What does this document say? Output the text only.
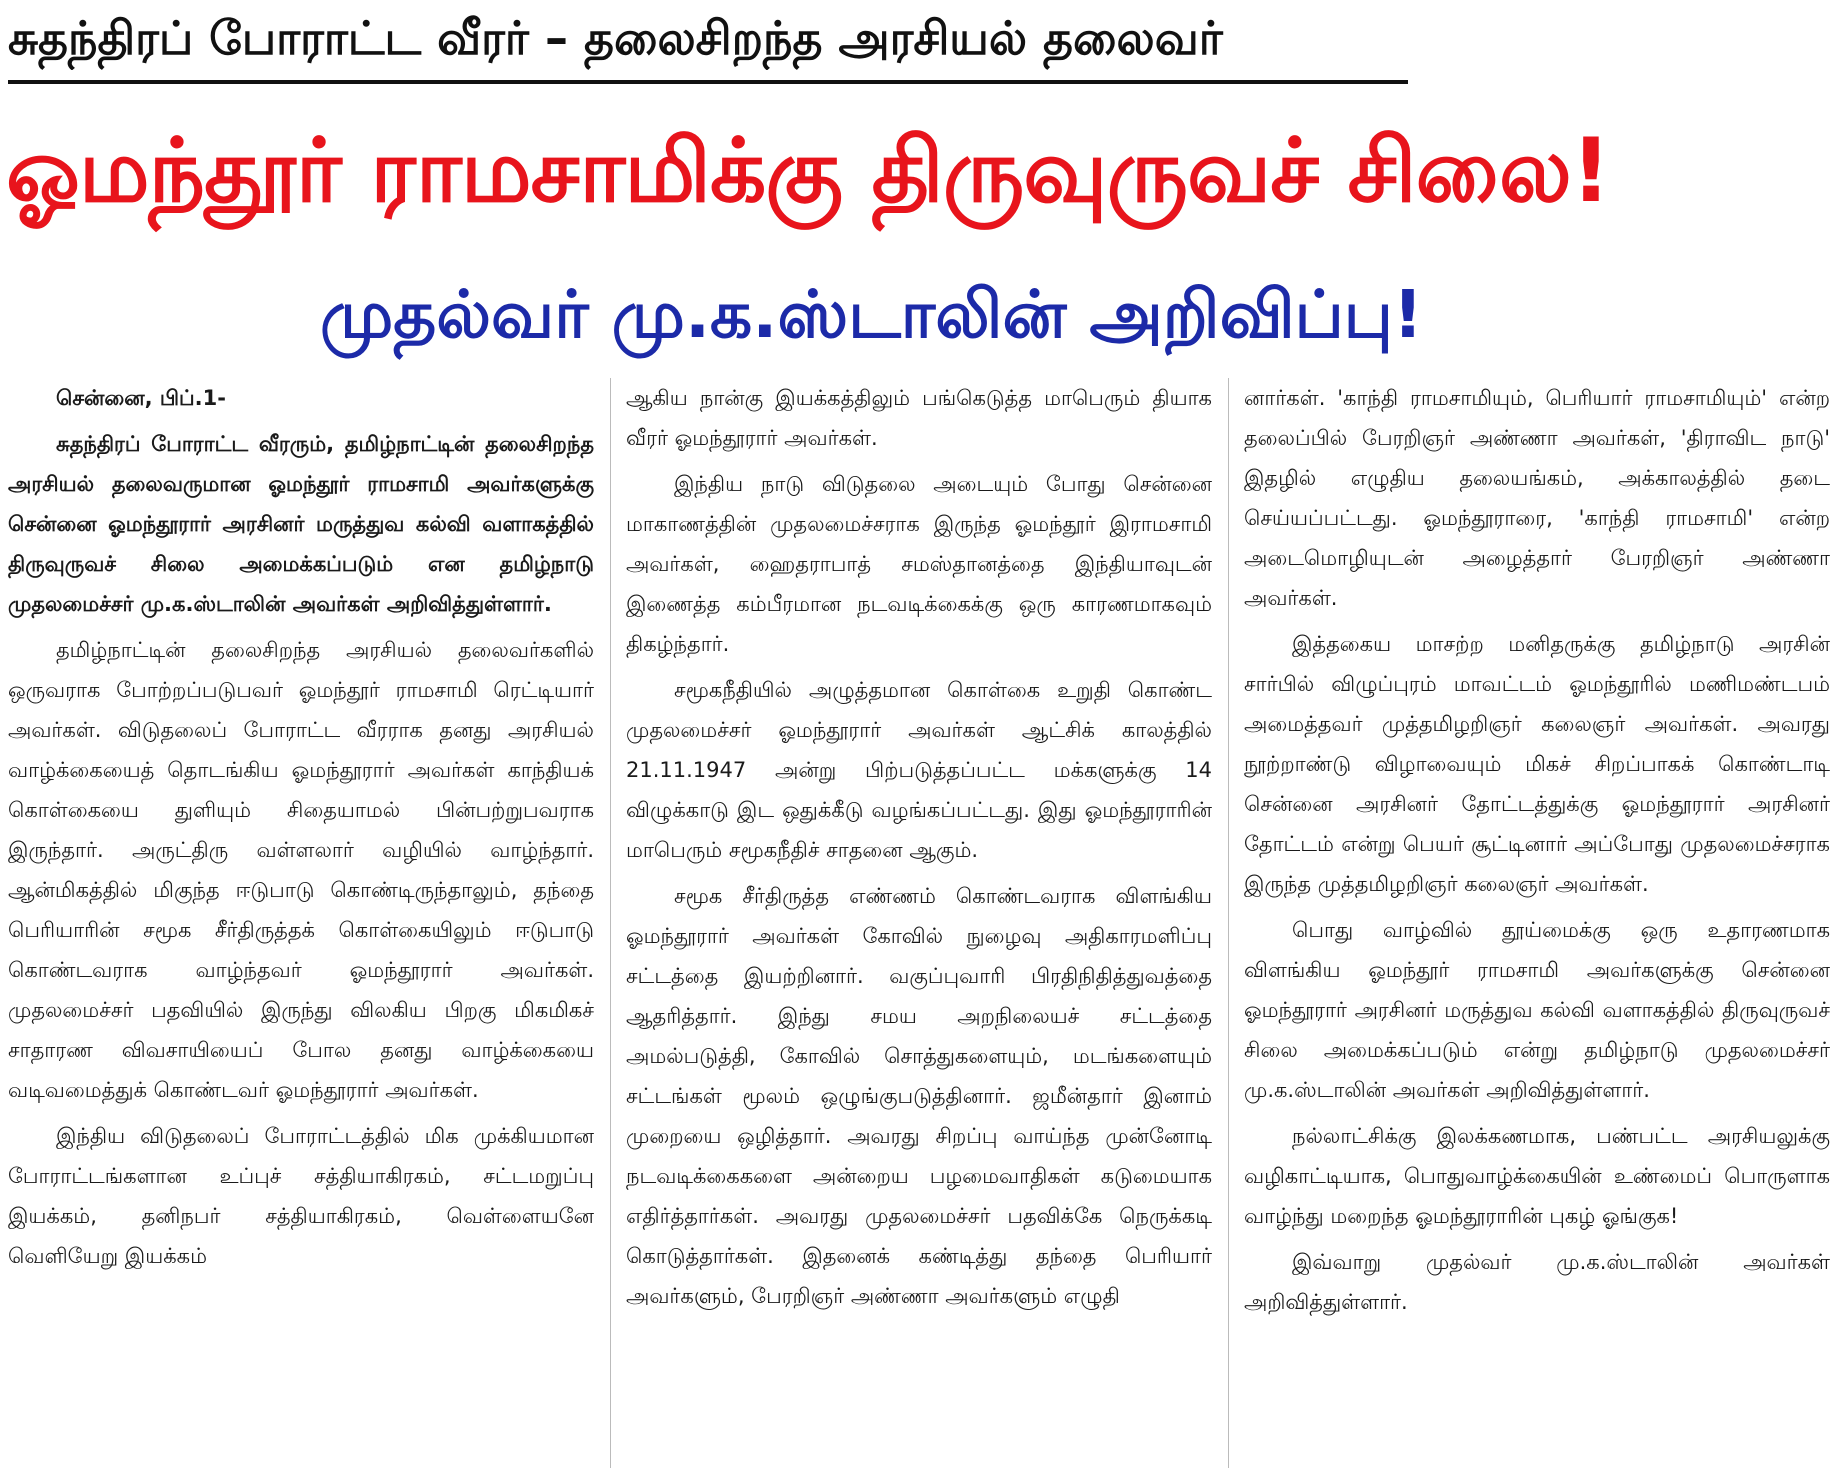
சுதந்திரப் போராட்ட வீரர் – தலைசிறந்த அரசியல் தலைவர்
ஓமந்தூர் ராமசாமிக்கு திருவுருவச் சிலை!
முதல்வர் மு.க.ஸ்டாலின் அறிவிப்பு!

சென்னை, பிப்.1-

சுதந்திரப் போராட்ட வீரரும், தமிழ்நாட்டின் தலைசிறந்த அரசியல் தலைவருமான ஓமந்தூர் ராமசாமி அவர்களுக்கு சென்னை ஓமந்தூரார் அரசினர் மருத்துவ கல்வி வளாகத்தில் திருவுருவச் சிலை அமைக்கப்படும் என தமிழ்நாடு முதலமைச்சர் மு.க.ஸ்டாலின் அவர்கள் அறிவித்துள்ளார்.

தமிழ்நாட்டின் தலைசிறந்த அரசியல் தலைவர்களில் ஒருவராக போற்றப்படுபவர் ஓமந்தூர் ராமசாமி ரெட்டியார் அவர்கள். விடுதலைப் போராட்ட வீரராக தனது அரசியல் வாழ்க்கையைத் தொடங்கிய ஓமந்தூரார் அவர்கள் காந்தியக் கொள்கையை துளியும் சிதையாமல் பின்பற்றுபவராக இருந்தார். அருட்திரு வள்ளலார் வழியில் வாழ்ந்தார். ஆன்மிகத்தில் மிகுந்த ஈடுபாடு கொண்டிருந்தாலும், தந்தை பெரியாரின் சமூக சீர்திருத்தக் கொள்கையிலும் ஈடுபாடு கொண்டவராக வாழ்ந்தவர் ஓமந்தூரார் அவர்கள். முதலமைச்சர் பதவியில் இருந்து விலகிய பிறகு மிகமிகச் சாதாரண விவசாயியைப் போல தனது வாழ்க்கையை வடிவமைத்துக் கொண்டவர் ஓமந்தூரார் அவர்கள்.

இந்திய விடுதலைப் போராட்டத்தில் மிக முக்கியமான போராட்டங்களான உப்புச் சத்தியாகிரகம், சட்டமறுப்பு இயக்கம், தனிநபர் சத்தியாகிரகம், வெள்ளையனே வெளியேறு இயக்கம்

ஆகிய நான்கு இயக்கத்திலும் பங்கெடுத்த மாபெரும் தியாக வீரர் ஓமந்தூரார் அவர்கள்.

இந்திய நாடு விடுதலை அடையும் போது சென்னை மாகாணத்தின் முதலமைச்சராக இருந்த ஓமந்தூர் இராமசாமி அவர்கள், ஹைதராபாத் சமஸ்தானத்தை இந்தியாவுடன் இணைத்த கம்பீரமான நடவடிக்கைக்கு ஒரு காரணமாகவும் திகழ்ந்தார்.

சமூகநீதியில் அழுத்தமான கொள்கை உறுதி கொண்ட முதலமைச்சர் ஓமந்தூரார் அவர்கள் ஆட்சிக் காலத்தில் 21.11.1947 அன்று பிற்படுத்தப்பட்ட மக்களுக்கு 14 விழுக்காடு இட ஒதுக்கீடு வழங்கப்பட்டது. இது ஓமந்தூராரின் மாபெரும் சமூகநீதிச் சாதனை ஆகும்.

சமூக சீர்திருத்த எண்ணம் கொண்டவராக விளங்கிய ஓமந்தூரார் அவர்கள் கோவில் நுழைவு அதிகாரமளிப்பு சட்டத்தை இயற்றினார். வகுப்புவாரி பிரதிநிதித்துவத்தை ஆதரித்தார். இந்து சமய அறநிலையச் சட்டத்தை அமல்படுத்தி, கோவில் சொத்துகளையும், மடங்களையும் சட்டங்கள் மூலம் ஒழுங்குபடுத்தினார். ஜமீன்தார் இனாம் முறையை ஒழித்தார். அவரது சிறப்பு வாய்ந்த முன்னோடி நடவடிக்கைகளை அன்றைய பழமைவாதிகள் கடுமையாக எதிர்த்தார்கள். அவரது முதலமைச்சர் பதவிக்கே நெருக்கடி கொடுத்தார்கள். இதனைக் கண்டித்து தந்தை பெரியார் அவர்களும், பேரறிஞர் அண்ணா அவர்களும் எழுதி

னார்கள். 'காந்தி ராமசாமியும், பெரியார் ராமசாமியும்' என்ற தலைப்பில் பேரறிஞர் அண்ணா அவர்கள், 'திராவிட நாடு' இதழில் எழுதிய தலையங்கம், அக்காலத்தில் தடை செய்யப்பட்டது. ஓமந்தூராரை, 'காந்தி ராமசாமி' என்ற அடைமொழியுடன் அழைத்தார் பேரறிஞர் அண்ணா அவர்கள்.

இத்தகைய மாசற்ற மனிதருக்கு தமிழ்நாடு அரசின் சார்பில் விழுப்புரம் மாவட்டம் ஓமந்தூரில் மணிமண்டபம் அமைத்தவர் முத்தமிழறிஞர் கலைஞர் அவர்கள். அவரது நூற்றாண்டு விழாவையும் மிகச் சிறப்பாகக் கொண்டாடி சென்னை அரசினர் தோட்டத்துக்கு ஓமந்தூரார் அரசினர் தோட்டம் என்று பெயர் சூட்டினார் அப்போது முதலமைச்சராக இருந்த முத்தமிழறிஞர் கலைஞர் அவர்கள்.

பொது வாழ்வில் தூய்மைக்கு ஒரு உதாரணமாக விளங்கிய ஓமந்தூர் ராமசாமி அவர்களுக்கு சென்னை ஓமந்தூரார் அரசினர் மருத்துவ கல்வி வளாகத்தில் திருவுருவச் சிலை அமைக்கப்படும் என்று தமிழ்நாடு முதலமைச்சர் மு.க.ஸ்டாலின் அவர்கள் அறிவித்துள்ளார்.

நல்லாட்சிக்கு இலக்கணமாக, பண்பட்ட அரசியலுக்கு வழிகாட்டியாக, பொதுவாழ்க்கையின் உண்மைப் பொருளாக வாழ்ந்து மறைந்த ஓமந்தூராரின் புகழ் ஓங்குக!

இவ்வாறு முதல்வர் மு.க.ஸ்டாலின் அவர்கள் அறிவித்துள்ளார்.
